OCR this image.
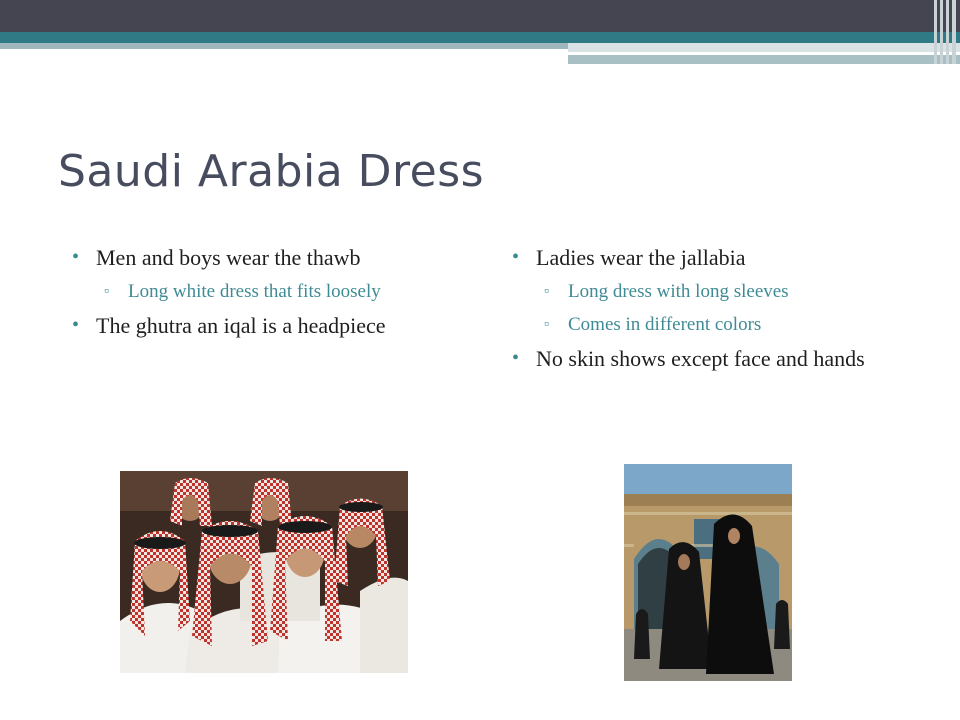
Saudi Arabia Dress
• Men and boys wear the thawb
▫ Long white dress that fits loosely
• The ghutra an iqal is a headpiece
• Ladies wear the jallabia
▫ Long dress with long sleeves
▫ Comes in different colors
• No skin shows except face and hands
